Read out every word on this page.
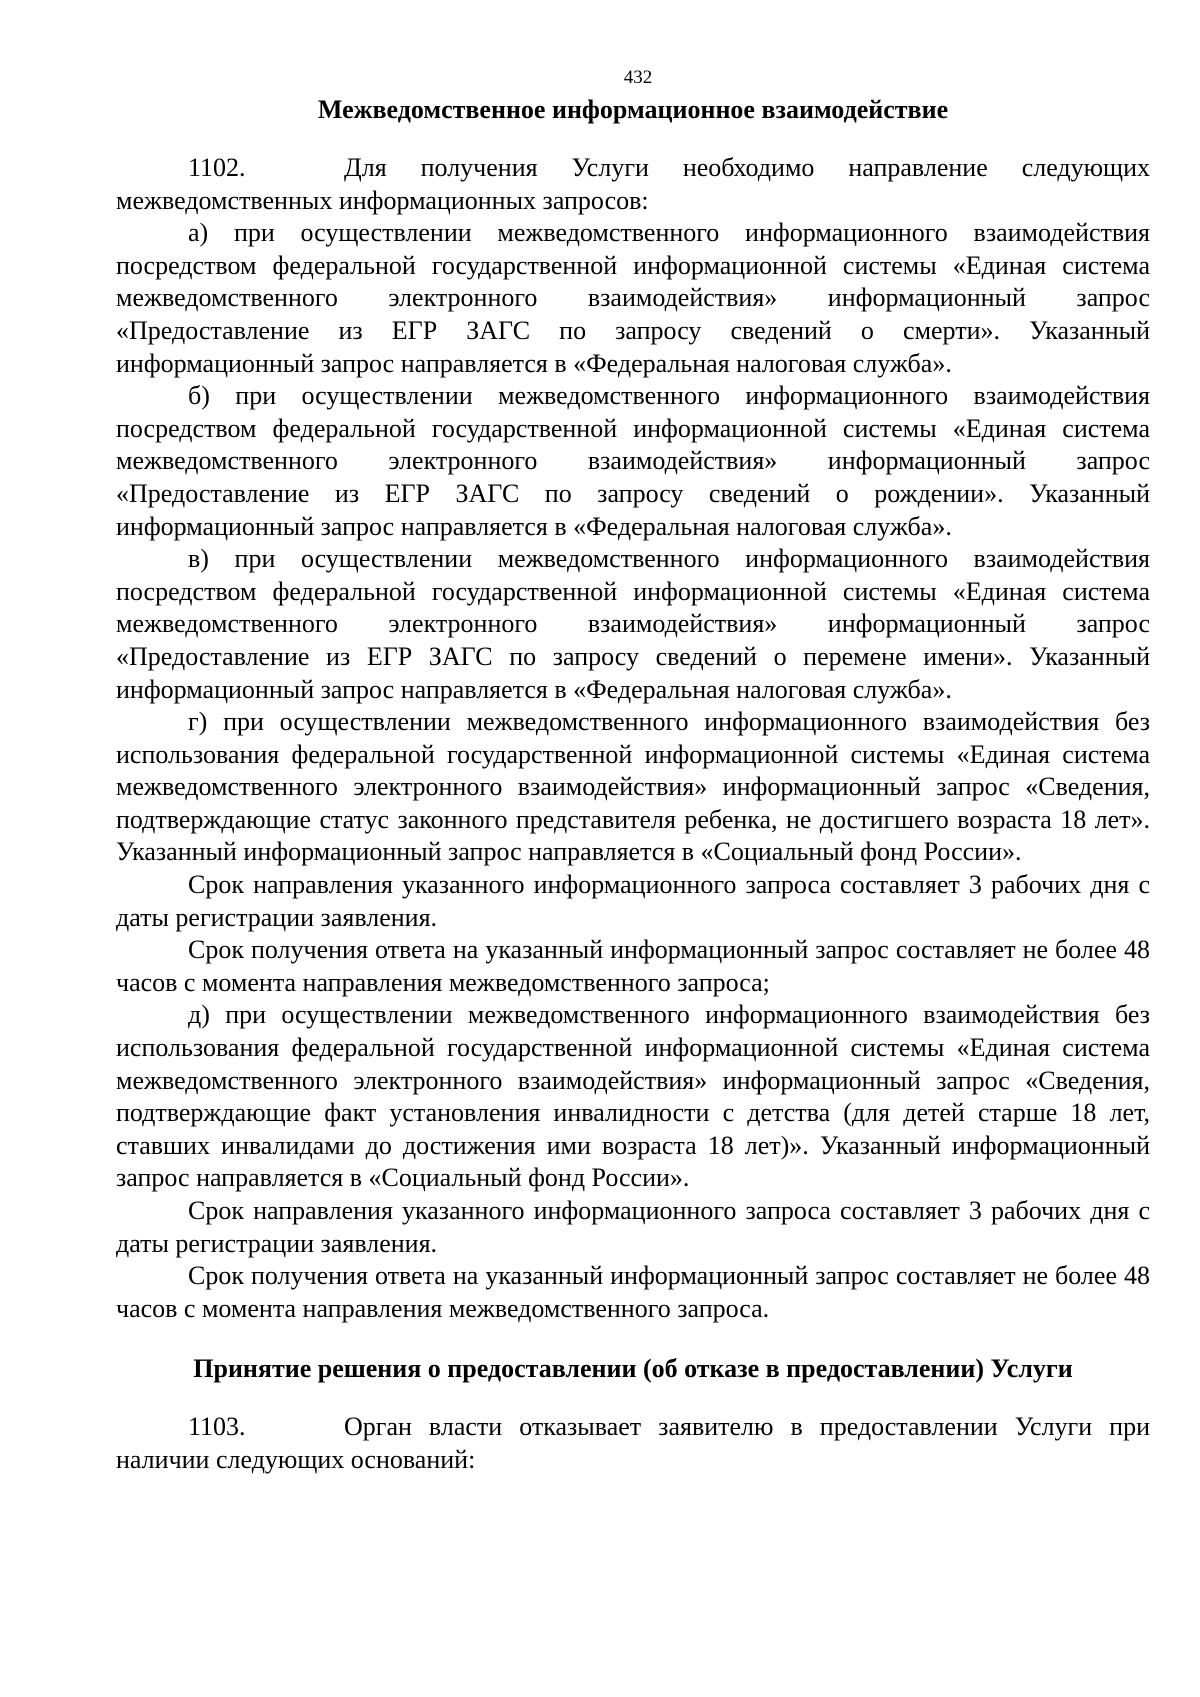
432
Межведомственное информационное взаимодействие

1102.	Для получения Услуги необходимо направление следующих межведомственных информационных запросов:

а) при осуществлении межведомственного информационного взаимодействия посредством федеральной государственной информационной системы «Единая система межведомственного электронного взаимодействия» информационный запрос «Предоставление из ЕГР ЗАГС по запросу сведений о смерти». Указанный информационный запрос направляется в «Федеральная налоговая служба».

б) при осуществлении межведомственного информационного взаимодействия посредством федеральной государственной информационной системы «Единая система межведомственного электронного взаимодействия» информационный запрос «Предоставление из ЕГР ЗАГС по запросу сведений о рождении». Указанный информационный запрос направляется в «Федеральная налоговая служба».

в) при осуществлении межведомственного информационного взаимодействия посредством федеральной государственной информационной системы «Единая система межведомственного электронного взаимодействия» информационный запрос «Предоставление из ЕГР ЗАГС по запросу сведений о перемене имени». Указанный информационный запрос направляется в «Федеральная налоговая служба».

г) при осуществлении межведомственного информационного взаимодействия без использования федеральной государственной информационной системы «Единая система межведомственного электронного взаимодействия» информационный запрос «Сведения, подтверждающие статус законного представителя ребенка, не достигшего возраста 18 лет». Указанный информационный запрос направляется в «Социальный фонд России».

Срок направления указанного информационного запроса составляет 3 рабочих дня с даты регистрации заявления.

Срок получения ответа на указанный информационный запрос составляет не более 48 часов с момента направления межведомственного запроса;

д) при осуществлении межведомственного информационного взаимодействия без использования федеральной государственной информационной системы «Единая система межведомственного электронного взаимодействия» информационный запрос «Сведения, подтверждающие факт установления инвалидности с детства (для детей старше 18 лет, ставших инвалидами до достижения ими возраста 18 лет)». Указанный информационный запрос направляется в «Социальный фонд России».

Срок направления указанного информационного запроса составляет 3 рабочих дня с даты регистрации заявления.

Срок получения ответа на указанный информационный запрос составляет не более 48 часов с момента направления межведомственного запроса.

Принятие решения о предоставлении (об отказе в предоставлении) Услуги

1103.	Орган власти отказывает заявителю в предоставлении Услуги при наличии следующих оснований:
